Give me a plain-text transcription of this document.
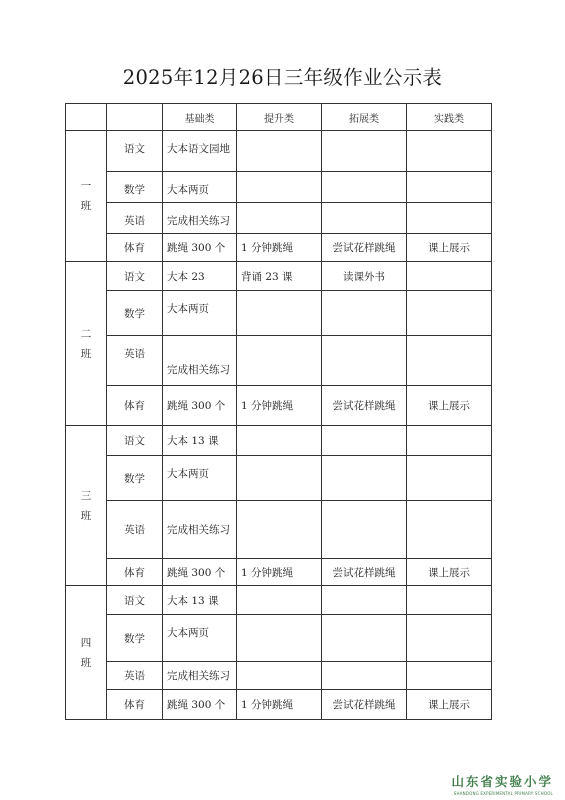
2025年12月26日三年级作业公示表
		基础类	提升类	拓展类	实践类

一
班	语文	大本语文园地			
	数学	大本两页			
	英语	完成相关练习			
	体育	跳绳 300 个	1 分钟跳绳	尝试花样跳绳	课上展示

二
班	语文	大本 23	背诵 23 课	读课外书	
	数学	大本两页			
	英语	完成相关练习			
	体育	跳绳 300 个	1 分钟跳绳	尝试花样跳绳	课上展示

三
班	语文	大本 13 课			
	数学	大本两页			
	英语	完成相关练习			
	体育	跳绳 300 个	1 分钟跳绳	尝试花样跳绳	课上展示

四
班	语文	大本 13 课			
	数学	大本两页			
	英语	完成相关练习			
	体育	跳绳 300 个	1 分钟跳绳	尝试花样跳绳	课上展示
山东省实验小学
SHANDONG EXPERIMENTAL PRIMARY SCHOOL
